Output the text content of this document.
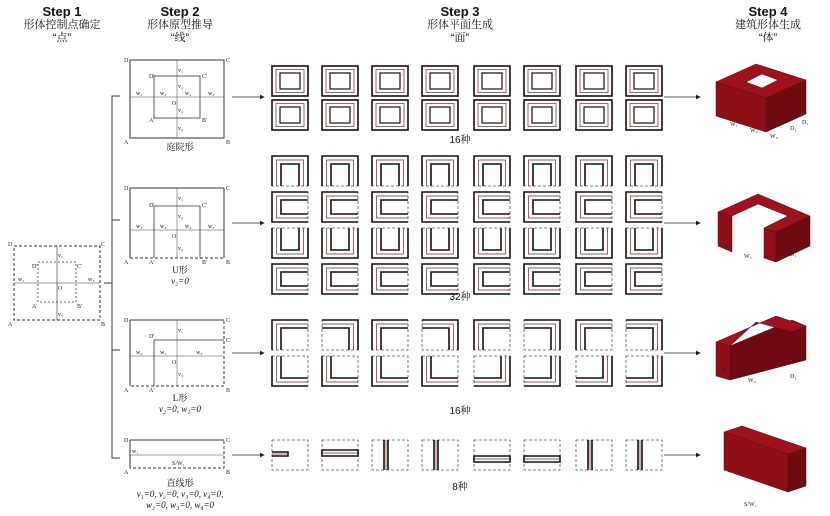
Step 1
形体控制点确定
“点”
Step 2
形体原型推导
“线”
Step 3
形体平面生成
“面”
Step 4
建筑形体生成
“体”
16种
32种
16种
8种
庭院形
U形
v₂=0
L形
v₂=0, w₁=0
直线形
v₁=0, v₂=0, v₃=0, v₄=0,
w₂=0, w₃=0, w₄=0
D	C
A	B
D'	C'
A'	B'
O
w₁	w₃
v₁
v₃
D	C
A	B
D'	C'
A'	B'
O
w₁	w₂	w₄	w₃
v₁
v₂
v₄
v₃
D	C
A	B
D'	C'
A'	B'
O
w₁	w₂	w₄	w₃
v₁
v₄
v₃
D	C
A	B
D'
C'
A'
O
w₂	w₁	w₃
v₁
v₃
D	C
A	B
w₁
S/W₁
W₁
W₂
W₃
D₁
D₂
W₁
W₂	D₁
W₁
W₂
D₁
S/W₁
